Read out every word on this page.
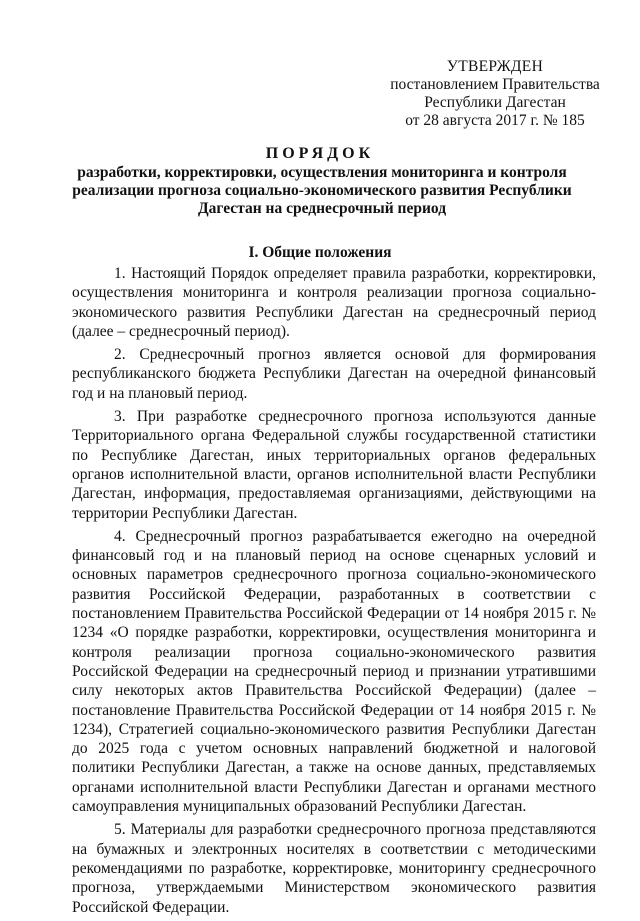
УТВЕРЖДЕН
постановлением Правительства
Республики Дагестан
от 28 августа 2017 г. № 185
ПОРЯДОК
разработки, корректировки, осуществления мониторинга и контроля реализации прогноза социально-экономического развития Республики Дагестан на среднесрочный период
I. Общие положения

1. Настоящий Порядок определяет правила разработки, корректировки, осуществления мониторинга и контроля реализации прогноза социально-экономического развития Республики Дагестан на среднесрочный период (далее – среднесрочный период).

2. Среднесрочный прогноз является основой для формирования республиканского бюджета Республики Дагестан на очередной финансовый год и на плановый период.

3. При разработке среднесрочного прогноза используются данные Территориального органа Федеральной службы государственной статистики по Республике Дагестан, иных территориальных органов федеральных органов исполнительной власти, органов исполнительной власти Республики Дагестан, информация, предоставляемая организациями, действующими на территории Республики Дагестан.

4. Среднесрочный прогноз разрабатывается ежегодно на очередной финансовый год и на плановый период на основе сценарных условий и основных параметров среднесрочного прогноза социально-экономического развития Российской Федерации, разработанных в соответствии с постановлением Правительства Российской Федерации от 14 ноября 2015 г. № 1234 «О порядке разработки, корректировки, осуществления мониторинга и контроля реализации прогноза социально-экономического развития Российской Федерации на среднесрочный период и признании утратившими силу некоторых актов Правительства Российской Федерации) (далее – постановление Правительства Российской Федерации от 14 ноября 2015 г. № 1234), Стратегией социально-экономического развития Республики Дагестан до 2025 года с учетом основных направлений бюджетной и налоговой политики Республики Дагестан, а также на основе данных, представляемых органами исполнительной власти Республики Дагестан и органами местного самоуправления муниципальных образований Республики Дагестан.

5. Материалы для разработки среднесрочного прогноза представляются на бумажных и электронных носителях в соответствии с методическими рекомендациями по разработке, корректировке, мониторингу среднесрочного прогноза, утверждаемыми Министерством экономического развития Российской Федерации.
